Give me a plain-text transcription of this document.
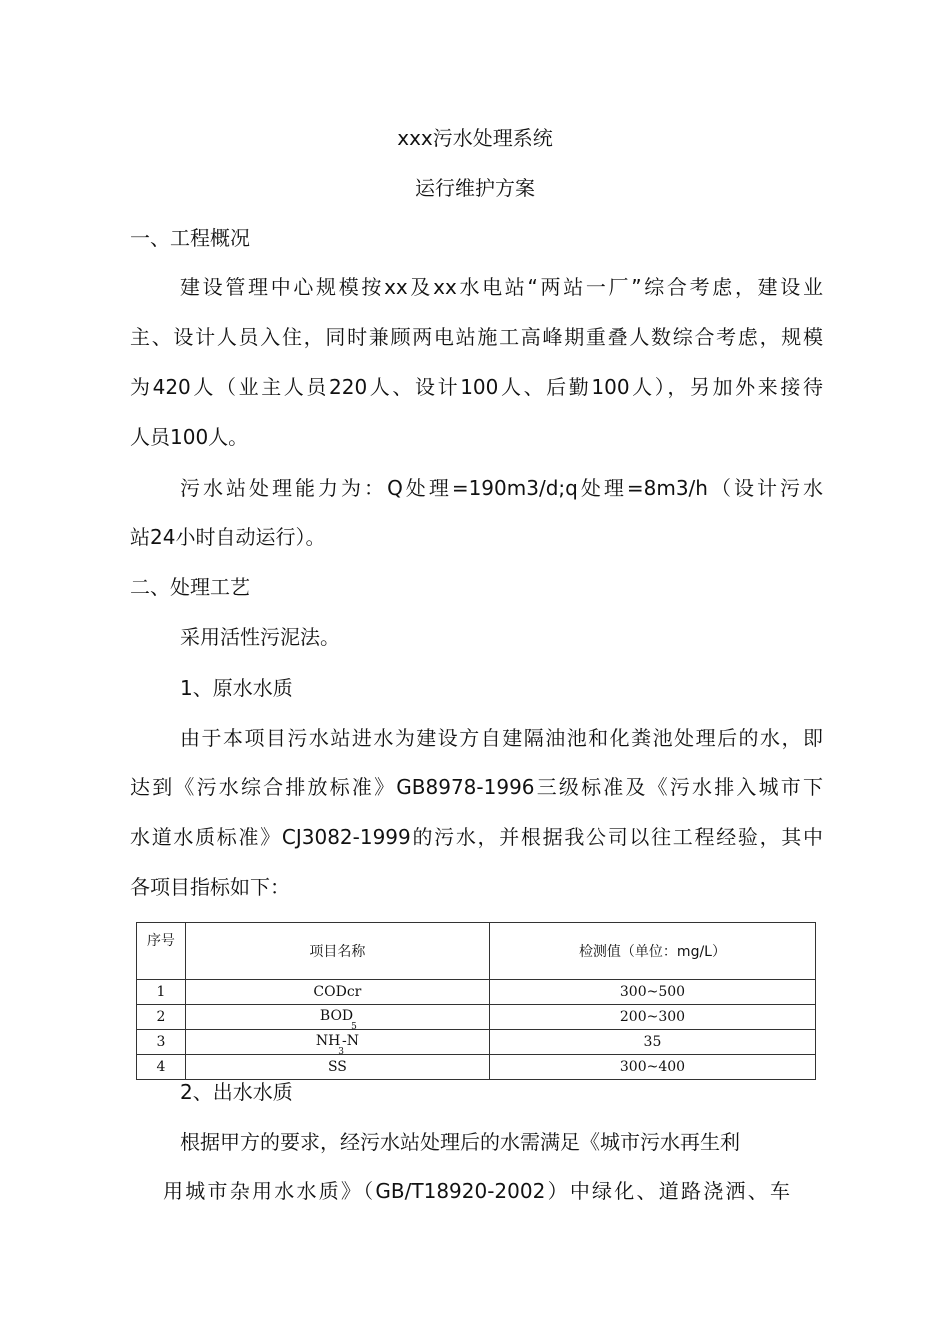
xxx污水处理系统
运行维护方案
一、工程概况

建设管理中心规模按xx及xx水电站“两站一厂”综合考虑，建设业

主、设计人员入住，同时兼顾两电站施工高峰期重叠人数综合考虑，规模

为420人（业主人员220人、设计100人、后勤100人），另加外来接待

人员100人。

污水站处理能力为：Q处理=190m3/d;q处理=8m3/h（设计污水

站24小时自动运行）。

二、处理工艺

采用活性污泥法。

1、原水水质

由于本项目污水站进水为建设方自建隔油池和化粪池处理后的水，即

达到《污水综合排放标准》GB8978-1996三级标准及《污水排入城市下

水道水质标准》CJ3082-1999的污水，并根据我公司以往工程经验，其中

各项目指标如下：

序号	项目名称	检测值（单位：mg/L）
1	CODcr	300~500
2	$BOD_5$	200~300
3	$NH_3-N$	35
4	SS	300~400
2、出水水质

根据甲方的要求，经污水站处理后的水需满足《城市污水再生利

用城市杂用水水质》（GB/T18920-2002）中绿化、道路浇洒、车
